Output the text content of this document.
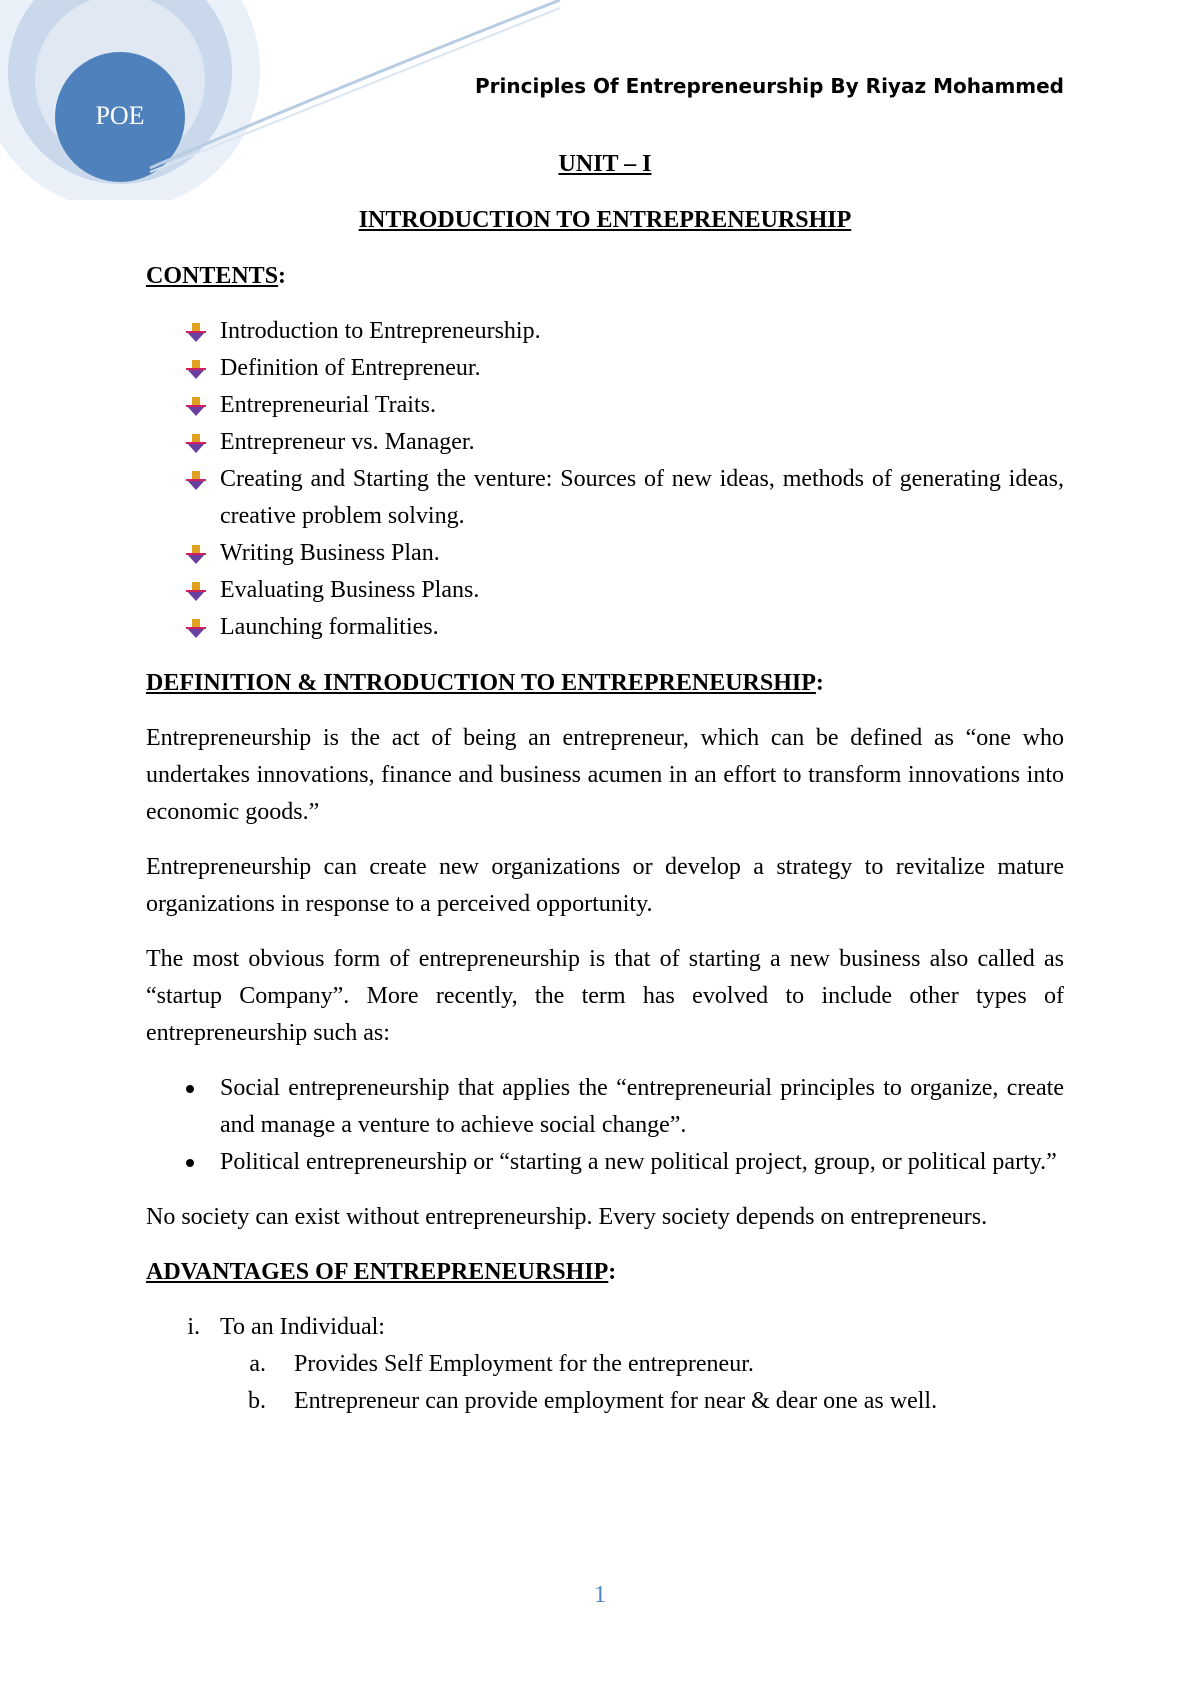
POE
Principles Of Entrepreneurship By Riyaz Mohammed

UNIT – I

INTRODUCTION TO ENTREPRENEURSHIP

CONTENTS:

Introduction to Entrepreneurship.
Definition of Entrepreneur.
Entrepreneurial Traits.
Entrepreneur vs. Manager.
Creating and Starting the venture: Sources of new ideas, methods of generating ideas, creative problem solving.
Writing Business Plan.
Evaluating Business Plans.
Launching formalities.

DEFINITION & INTRODUCTION TO ENTREPRENEURSHIP:

Entrepreneurship is the act of being an entrepreneur, which can be defined as “one who undertakes innovations, finance and business acumen in an effort to transform innovations into economic goods.”

Entrepreneurship can create new organizations or develop a strategy to revitalize mature organizations in response to a perceived opportunity.

The most obvious form of entrepreneurship is that of starting a new business also called as “startup Company”. More recently, the term has evolved to include other types of entrepreneurship such as:

Social entrepreneurship that applies the “entrepreneurial principles to organize, create and manage a venture to achieve social change”.
Political entrepreneurship or “starting a new political project, group, or political party.”

No society can exist without entrepreneurship. Every society depends on entrepreneurs.

ADVANTAGES OF ENTREPRENEURSHIP:

i. To an Individual:
a. Provides Self Employment for the entrepreneur.
b. Entrepreneur can provide employment for near & dear one as well.
1
